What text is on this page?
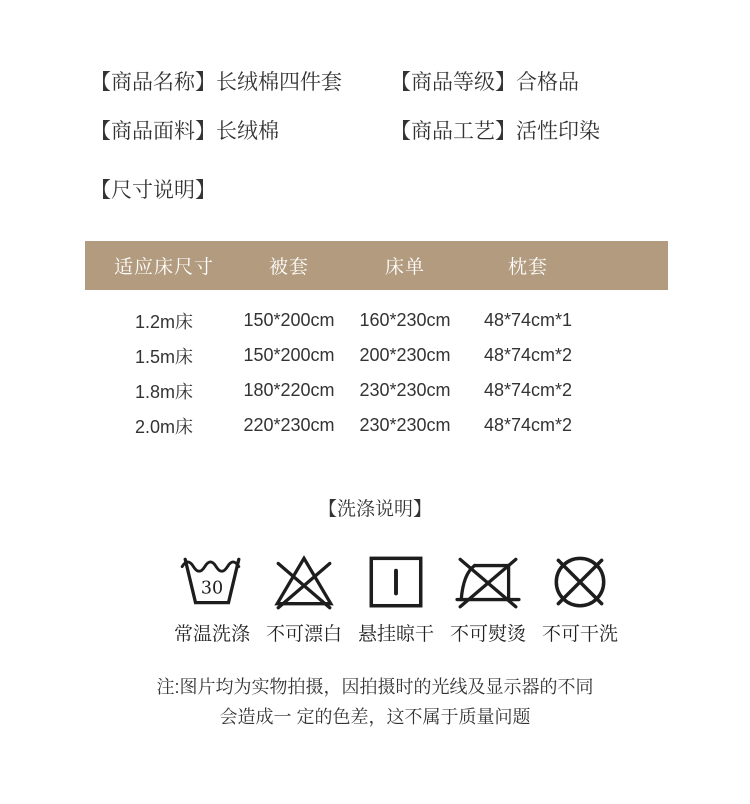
【商品名称】长绒棉四件套	【商品等级】合格品
【商品面料】长绒棉	【商品工艺】活性印染
【尺寸说明】
适应床尺寸	被套	床单	枕套
1.2m床	150*200cm	160*230cm	48*74cm*1
1.5m床	150*200cm	200*230cm	48*74cm*2
1.8m床	180*220cm	230*230cm	48*74cm*2
2.0m床	220*230cm	230*230cm	48*74cm*2
【洗涤说明】
30
常温洗涤 不可漂白 悬挂晾干 不可熨烫 不可干洗
注:图片均为实物拍摄，因拍摄时的光线及显示器的不同
会造成一 定的色差，这不属于质量问题
